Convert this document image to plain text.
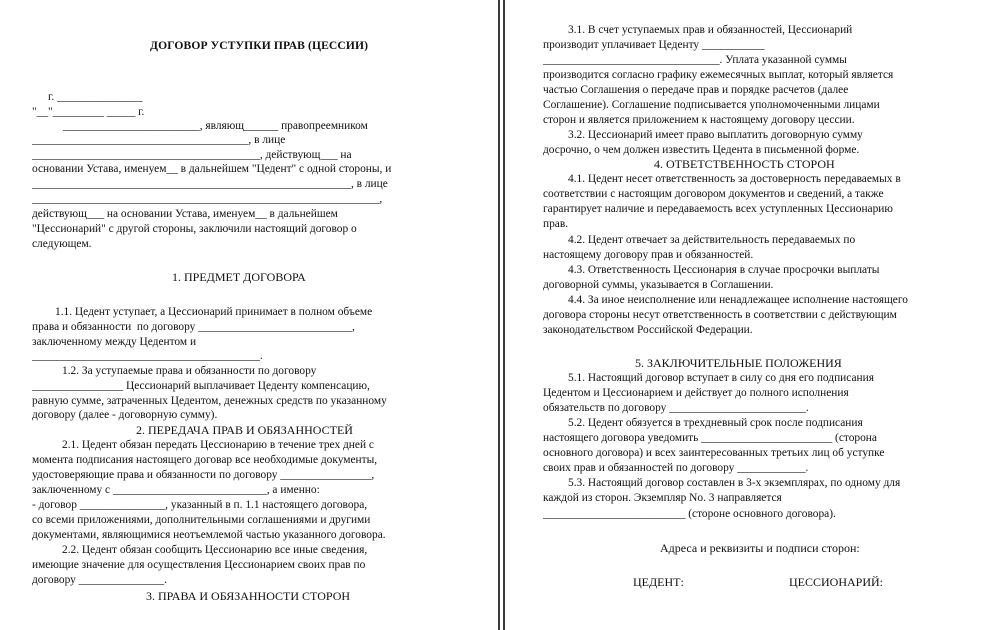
ДОГОВОР УСТУПКИ ПРАВ (ЦЕССИИ)
г. _______________
"__"_________ _____ г.
________________________, являющ______ правопреемником
______________________________________, в лице
________________________________________, действующ___ на
основании Устава, именуем__ в дальнейшем "Цедент" с одной стороны, и
________________________________________________________, в лице
_____________________________________________________________,
действующ___ на основании Устава, именуем__ в дальнейшем
"Цессионарий" с другой стороны, заключили настоящий договор о
следующем.
1. ПРЕДМЕТ ДОГОВОРА
1.1. Цедент уступает, а Цессионарий принимает в полном объеме
права и обязанности  по договору ___________________________,
заключенному между Цедентом и
________________________________________.
1.2. За уступаемые права и обязанности по договору
________________ Цессионарий выплачивает Цеденту компенсацию,
равную сумме, затраченных Цедентом, денежных средств по указанному
договору (далее - договорную сумму).
2. ПЕРЕДАЧА ПРАВ И ОБЯЗАННОСТЕЙ
2.1. Цедент обязан передать Цессионарию в течение трех дней с
момента подписания настоящего договар все необходимые документы,
удостоверяющие права и обязанности по договору ________________,
заключенному с ___________________________, а именно:
- договор _______________, указанный в п. 1.1 настоящего договора,
со всеми приложениями, дополнительными соглашениями и другими
документами, являющимися неотъемлемой частью указанного договора.
2.2. Цедент обязан сообщить Цессионарию все иные сведения,
имеющие значение для осуществления Цессионарием своих прав по
договору _______________.
3. ПРАВА И ОБЯЗАННОСТИ СТОРОН
3.1. В счет уступаемых прав и обязанностей, Цессионарий
производит уплачивает Цеденту ___________
_______________________________. Уплата указанной суммы
производится согласно графику ежемесячных выплат, который является
частью Соглашения о передаче прав и порядке расчетов (далее
Соглашение). Соглашение подписывается уполномоченными лицами
сторон и является приложением к настоящему договору цессии.
3.2. Цессионарий имеет право выплатить договорную сумму
досрочно, о чем должен известить Цедента в письменной форме.
4. ОТВЕТСТВЕННОСТЬ СТОРОН
4.1. Цедент несет ответственность за достоверность передаваемых в
соответствии с настоящим договором документов и сведений, а также
гарантирует наличие и передаваемость всех уступленных Цессионарию
прав.
4.2. Цедент отвечает за действительность передаваемых по
настоящему договору прав и обязанностей.
4.3. Ответственность Цессионария в случае просрочки выплаты
договорной суммы, указывается в Соглашении.
4.4. За иное неисполнение или ненадлежащее исполнение настоящего
договора стороны несут ответственность в соответствии с действующим
законодательством Российской Федерации.
5. ЗАКЛЮЧИТЕЛЬНЫЕ ПОЛОЖЕНИЯ
5.1. Настоящий договор вступает в силу со дня его подписания
Цедентом и Цессионарием и действует до полного исполнения
обязательств по договору ________________________.
5.2. Цедент обязуется в трехдневный срок после подписания
настоящего договора уведомить _______________________ (сторона
основного договора) и всех заинтересованных третьих лиц об уступке
своих прав и обязанностей по договору ____________.
5.3. Настоящий договор составлен в 3-х экземплярах, по одному для
каждой из сторон. Экземпляр No. 3 направляется
_________________________ (стороне основного договора).
Адреса и реквизиты и подписи сторон:
ЦЕДЕНТ:	ЦЕССИОНАРИЙ:
